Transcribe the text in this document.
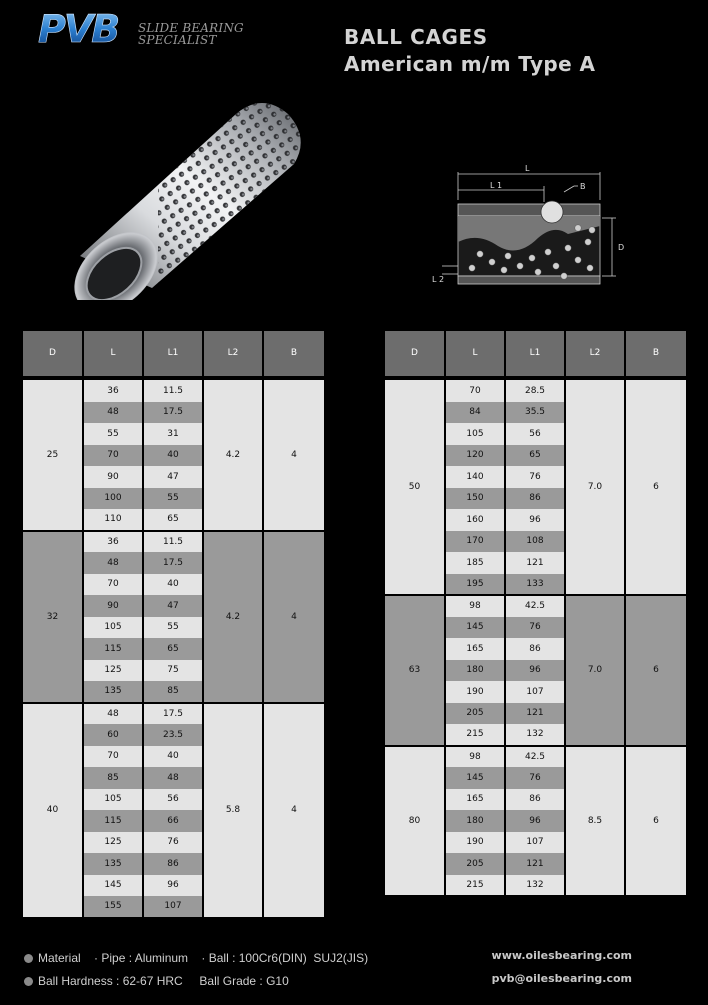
PVB SLIDE BEARING
SPECIALIST	BALL CAGES
American m/m Type A
L
L 1	B
D
L 2
D	L	L1	L2	B

25	36	11.5	4.2	4
	48	17.5		
	55	31		
	70	40		
	90	47		
	100	55		
	110	65		
32	36	11.5	4.2	4
	48	17.5		
	70	40		
	90	47		
	105	55		
	115	65		
	125	75		
	135	85		
40	48	17.5	5.8	4
	60	23.5		
	70	40		
	85	48		
	105	56		
	115	66		
	125	76		
	135	86		
	145	96		
	155	107		
D	L	L1	L2	B

50	70	28.5	7.0	6
	84	35.5		
	105	56		
	120	65		
	140	76		
	150	86		
	160	96		
	170	108		
	185	121		
	195	133		
63	98	42.5	7.0	6
	145	76		
	165	86		
	180	96		
	190	107		
	205	121		
	215	132		
80	98	42.5	8.5	6
	145	76		
	165	86		
	180	96		
	190	107		
	205	121		
	215	132		
Material    · Pipe : Aluminum    · Ball : 100Cr6(DIN)  SUJ2(JIS)
Ball Hardness : 62-67 HRC     Ball Grade : G10
www.oilesbearing.com
pvb@oilesbearing.com
